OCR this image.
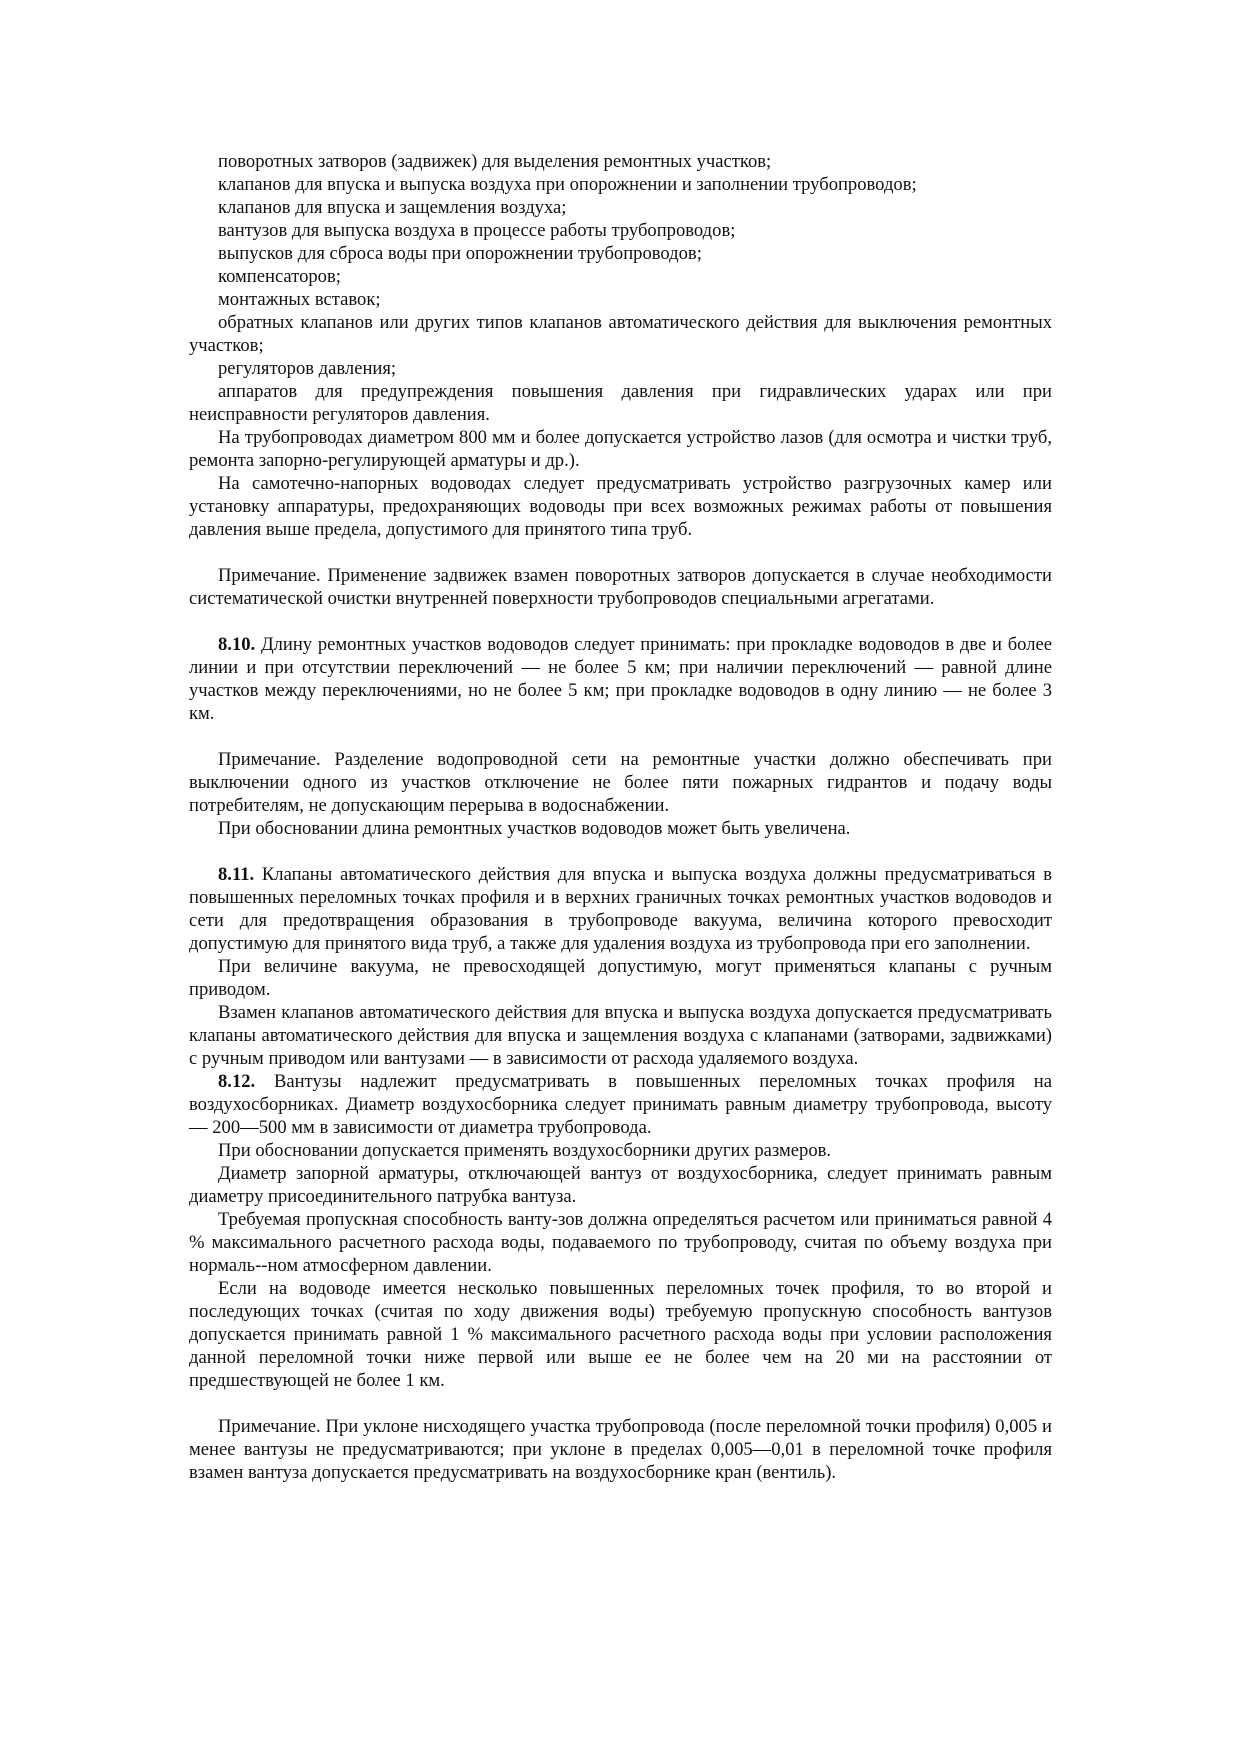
поворотных затворов (задвижек) для выделения ремонтных участков;

клапанов для впуска и выпуска воздуха при опорожнении и заполнении трубопроводов;

клапанов для впуска и защемления воздуха;

вантузов для выпуска воздуха в процессе работы трубопроводов;

выпусков для сброса воды при опорожнении трубопроводов;

компенсаторов;

монтажных вставок;

обратных клапанов или других типов клапанов автоматического действия для выключения ремонтных участков;

регуляторов давления;

аппаратов для предупреждения повышения давления при гидравлических ударах или при неисправности регуляторов давления.

На трубопроводах диаметром 800 мм и более допускается устройство лазов (для осмотра и чистки труб, ремонта запорно-регулирующей арматуры и др.).

На самотечно-напорных водоводах следует предусматривать устройство разгрузочных камер или установку аппаратуры, предохраняющих водоводы при всех возможных режимах работы от повышения давления выше предела, допустимого для принятого типа труб.

Примечание. Применение задвижек взамен поворотных затворов допускается в случае необходимости систематической очистки внутренней поверхности трубопроводов специальными агрегатами.

8.10. Длину ремонтных участков водоводов следует принимать: при прокладке водоводов в две и более линии и при отсутствии переключений — не более 5 км; при наличии переключений — равной длине участков между переключениями, но не более 5 км; при прокладке водоводов в одну линию — не более 3 км.

Примечание. Разделение водопроводной сети на ремонтные участки должно обеспечивать при выключении одного из участков отключение не более пяти пожарных гидрантов и подачу воды потребителям, не допускающим перерыва в водоснабжении.

При обосновании длина ремонтных участков водоводов может быть увеличена.

8.11. Клапаны автоматического действия для впуска и выпуска воздуха должны предусматриваться в повышенных переломных точках профиля и в верхних граничных точках ремонтных участков водоводов и сети для предотвращения образования в трубопроводе вакуума, величина которого превосходит допустимую для принятого вида труб, а также для удаления воздуха из трубопровода при его заполнении.

При величине вакуума, не превосходящей допустимую, могут применяться клапаны с ручным приводом.

Взамен клапанов автоматического действия для впуска и выпуска воздуха допускается предусматривать клапаны автоматического действия для впуска и защемления воздуха с клапанами (затворами, задвижками) с ручным приводом или вантузами — в зависимости от расхода удаляемого воздуха.

8.12. Вантузы надлежит предусматривать в повышенных переломных точках профиля на воздухосборниках. Диаметр воздухосборника следует принимать равным диаметру трубопровода, высоту — 200—500 мм в зависимости от диаметра трубопровода.

При обосновании допускается применять воздухосборники других размеров.

Диаметр запорной арматуры, отключающей вантуз от воздухосборника, следует принимать равным диаметру присоединительного патрубка вантуза.

Требуемая пропускная способность ванту-зов должна определяться расчетом или приниматься равной 4 % максимального расчетного расхода воды, подаваемого по трубопроводу, считая по объему воздуха при нормаль--ном атмосферном давлении.

Если на водоводе имеется несколько повышенных переломных точек профиля, то во второй и последующих точках (считая по ходу движения воды) требуемую пропускную способность вантузов допускается принимать равной 1 % максимального расчетного расхода воды при условии расположения данной переломной точки ниже первой или выше ее не более чем на 20 ми на расстоянии от предшествующей не более 1 км.

Примечание. При уклоне нисходящего участка трубопровода (после переломной точки профиля) 0,005 и менее вантузы не предусматриваются; при уклоне в пределах 0,005—0,01 в переломной точке профиля взамен вантуза допускается предусматривать на воздухосборнике кран (вентиль).
